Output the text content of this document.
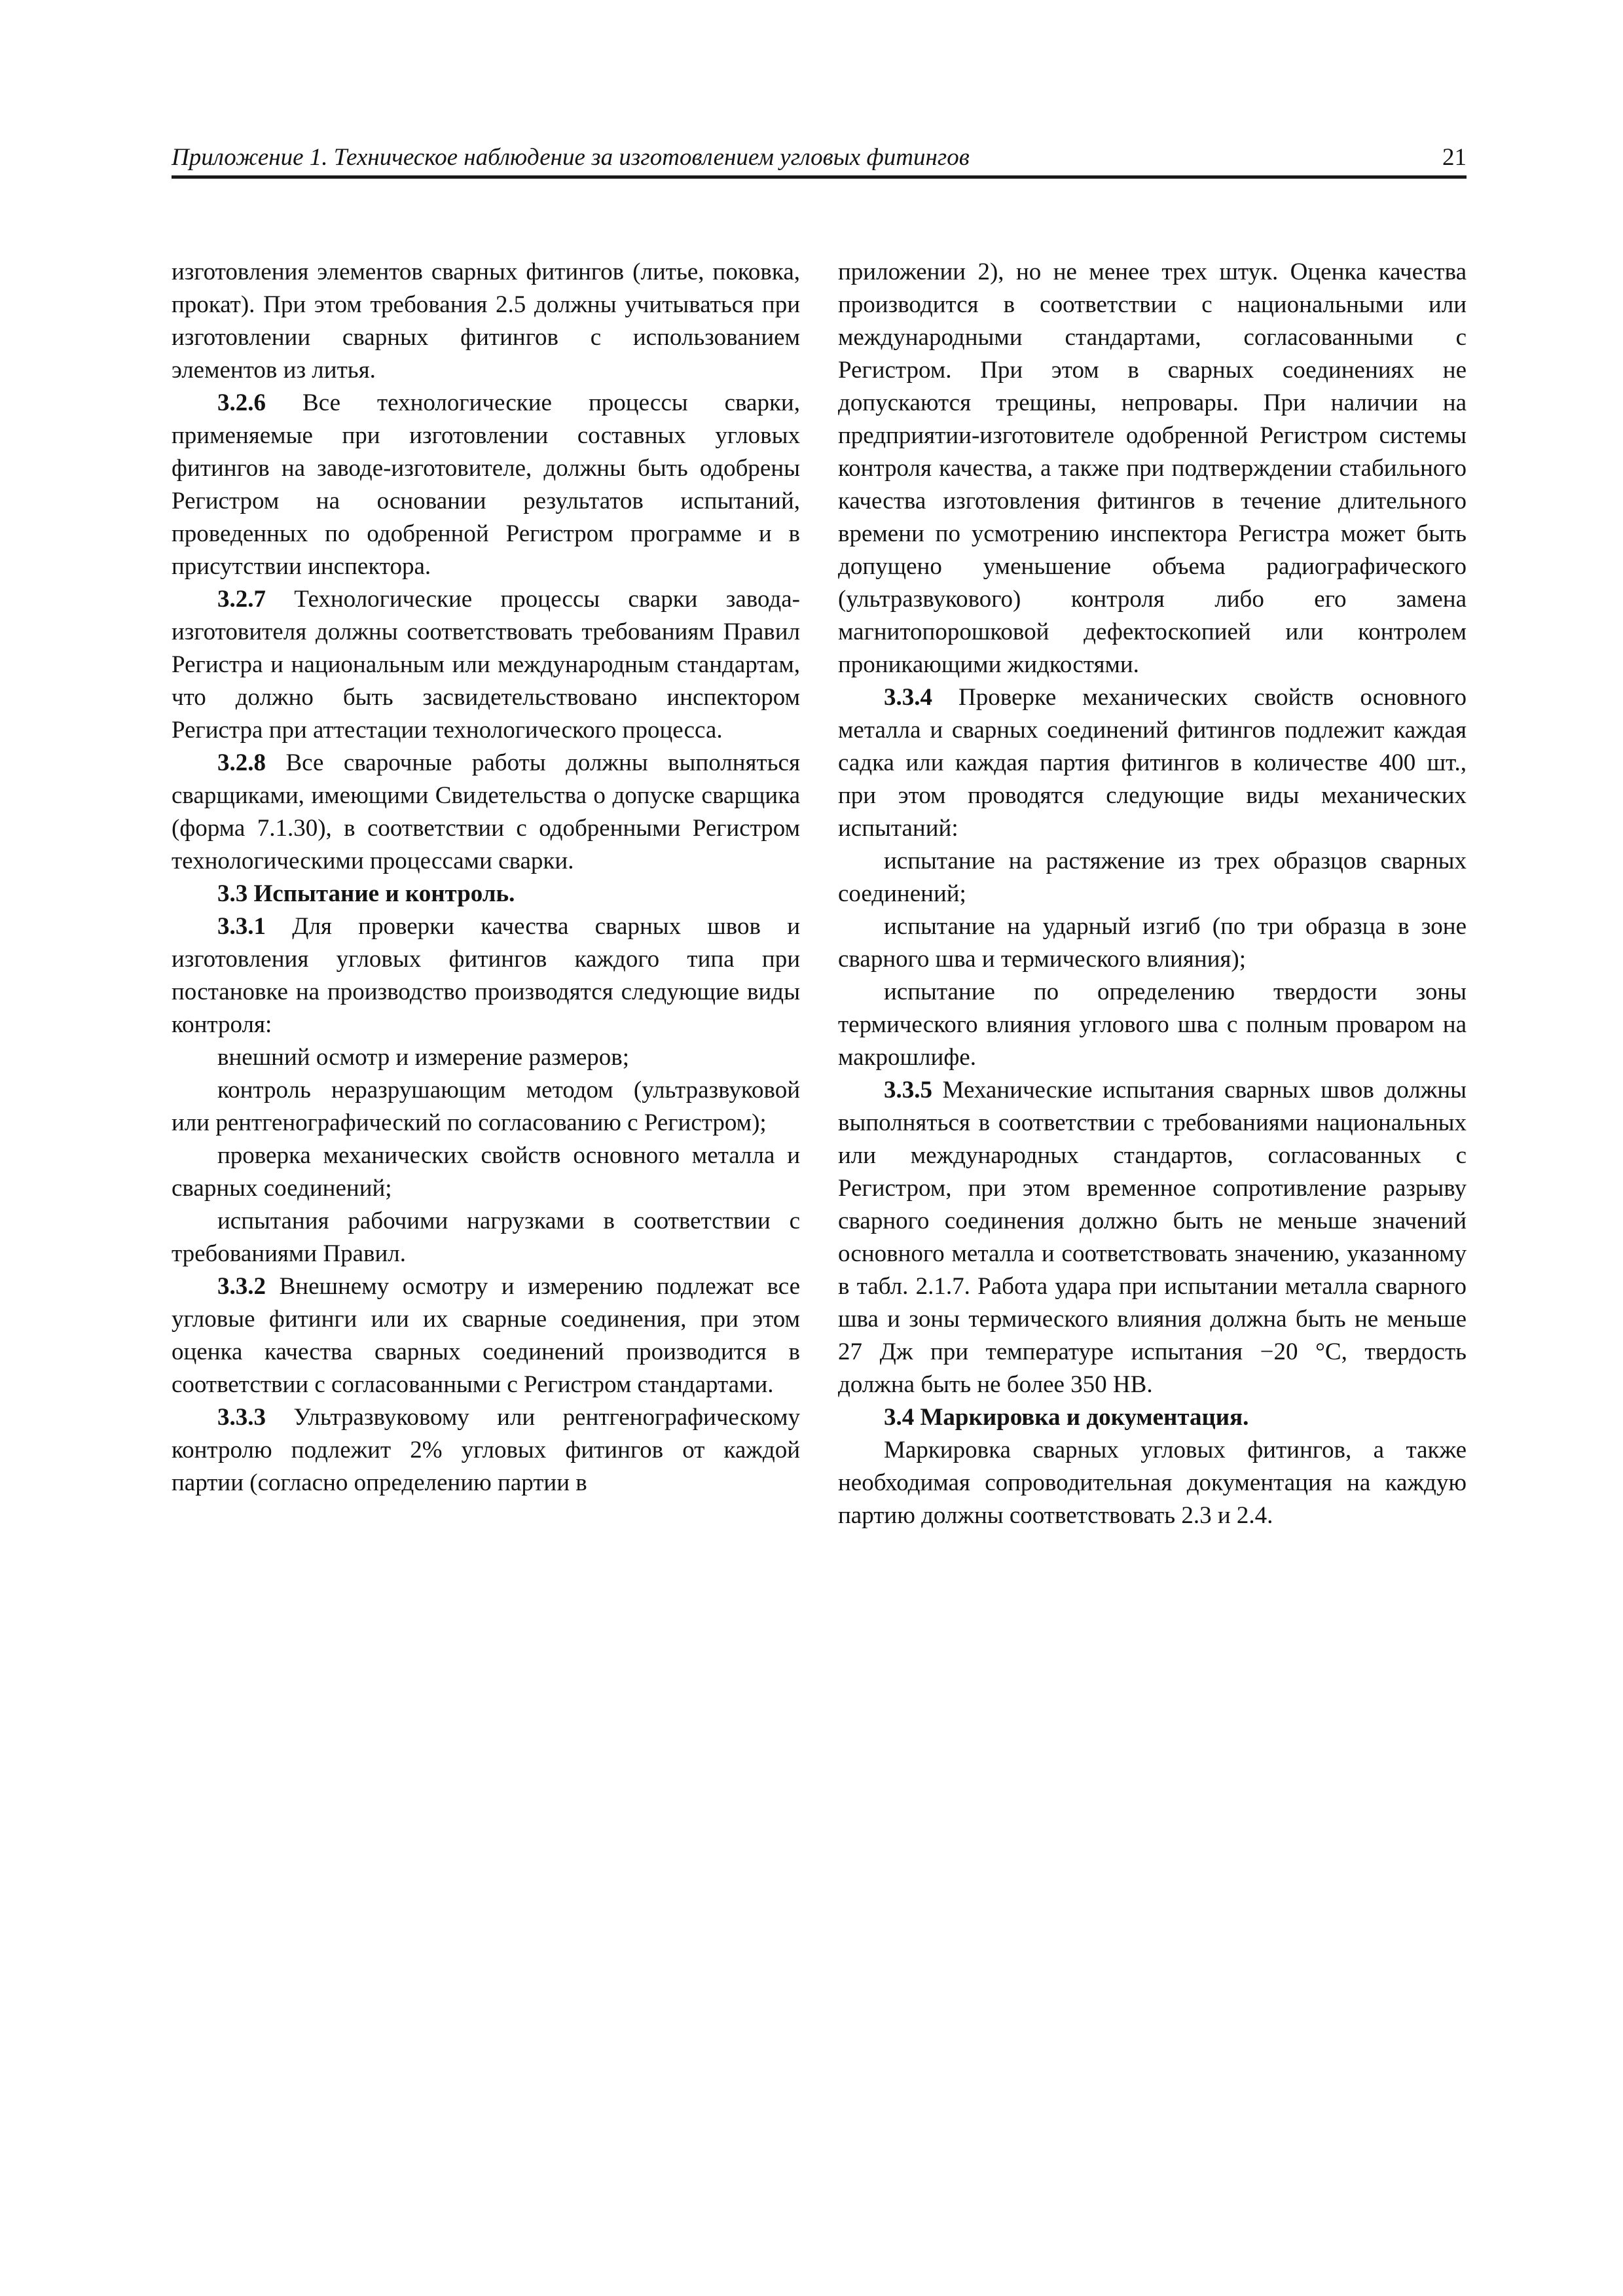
Приложение 1. Техническое наблюдение за изготовлением угловых фитингов	21

изготовления элементов сварных фитингов (литье, поковка, прокат). При этом требования 2.5 должны учитываться при изготовлении сварных фитингов с использованием элементов из литья.

3.2.6 Все технологические процессы сварки, применяемые при изготовлении составных угловых фитингов на заводе-изготовителе, должны быть одобрены Регистром на основании результатов испытаний, проведенных по одобренной Регистром программе и в присутствии инспектора.

3.2.7 Технологические процессы сварки завода-изготовителя должны соответствовать требованиям Правил Регистра и национальным или международным стандартам, что должно быть засвидетельствовано инспектором Регистра при аттестации технологического процесса.

3.2.8 Все сварочные работы должны выполняться сварщиками, имеющими Свидетельства о допуске сварщика (форма 7.1.30), в соответствии с одобренными Регистром технологическими процессами сварки.

3.3 Испытание и контроль.

3.3.1 Для проверки качества сварных швов и изготовления угловых фитингов каждого типа при постановке на производство производятся следующие виды контроля:

внешний осмотр и измерение размеров;

контроль неразрушающим методом (ультразвуковой или рентгенографический по согласованию с Регистром);

проверка механических свойств основного металла и сварных соединений;

испытания рабочими нагрузками в соответствии с требованиями Правил.

3.3.2 Внешнему осмотру и измерению подлежат все угловые фитинги или их сварные соединения, при этом оценка качества сварных соединений производится в соответствии с согласованными с Регистром стандартами.

3.3.3 Ультразвуковому или рентгенографическому контролю подлежит 2% угловых фитингов от каждой партии (согласно определению партии в

приложении 2), но не менее трех штук. Оценка качества производится в соответствии с национальными или международными стандартами, согласованными с Регистром. При этом в сварных соединениях не допускаются трещины, непровары. При наличии на предприятии-изготовителе одобренной Регистром системы контроля качества, а также при подтверждении стабильного качества изготовления фитингов в течение длительного времени по усмотрению инспектора Регистра может быть допущено уменьшение объема радиографического (ультразвукового) контроля либо его замена магнитопорошковой дефектоскопией или контролем проникающими жидкостями.

3.3.4 Проверке механических свойств основного металла и сварных соединений фитингов подлежит каждая садка или каждая партия фитингов в количестве 400 шт., при этом проводятся следующие виды механических испытаний:

испытание на растяжение из трех образцов сварных соединений;

испытание на ударный изгиб (по три образца в зоне сварного шва и термического влияния);

испытание по определению твердости зоны термического влияния углового шва с полным проваром на макрошлифе.

3.3.5 Механические испытания сварных швов должны выполняться в соответствии с требованиями национальных или международных стандартов, согласованных с Регистром, при этом временное сопротивление разрыву сварного соединения должно быть не меньше значений основного металла и соответствовать значению, указанному в табл. 2.1.7. Работа удара при испытании металла сварного шва и зоны термического влияния должна быть не меньше 27 Дж при температуре испытания −20 °С, твердость должна быть не более 350 HB.

3.4 Маркировка и документация.

Маркировка сварных угловых фитингов, а также необходимая сопроводительная документация на каждую партию должны соответствовать 2.3 и 2.4.
